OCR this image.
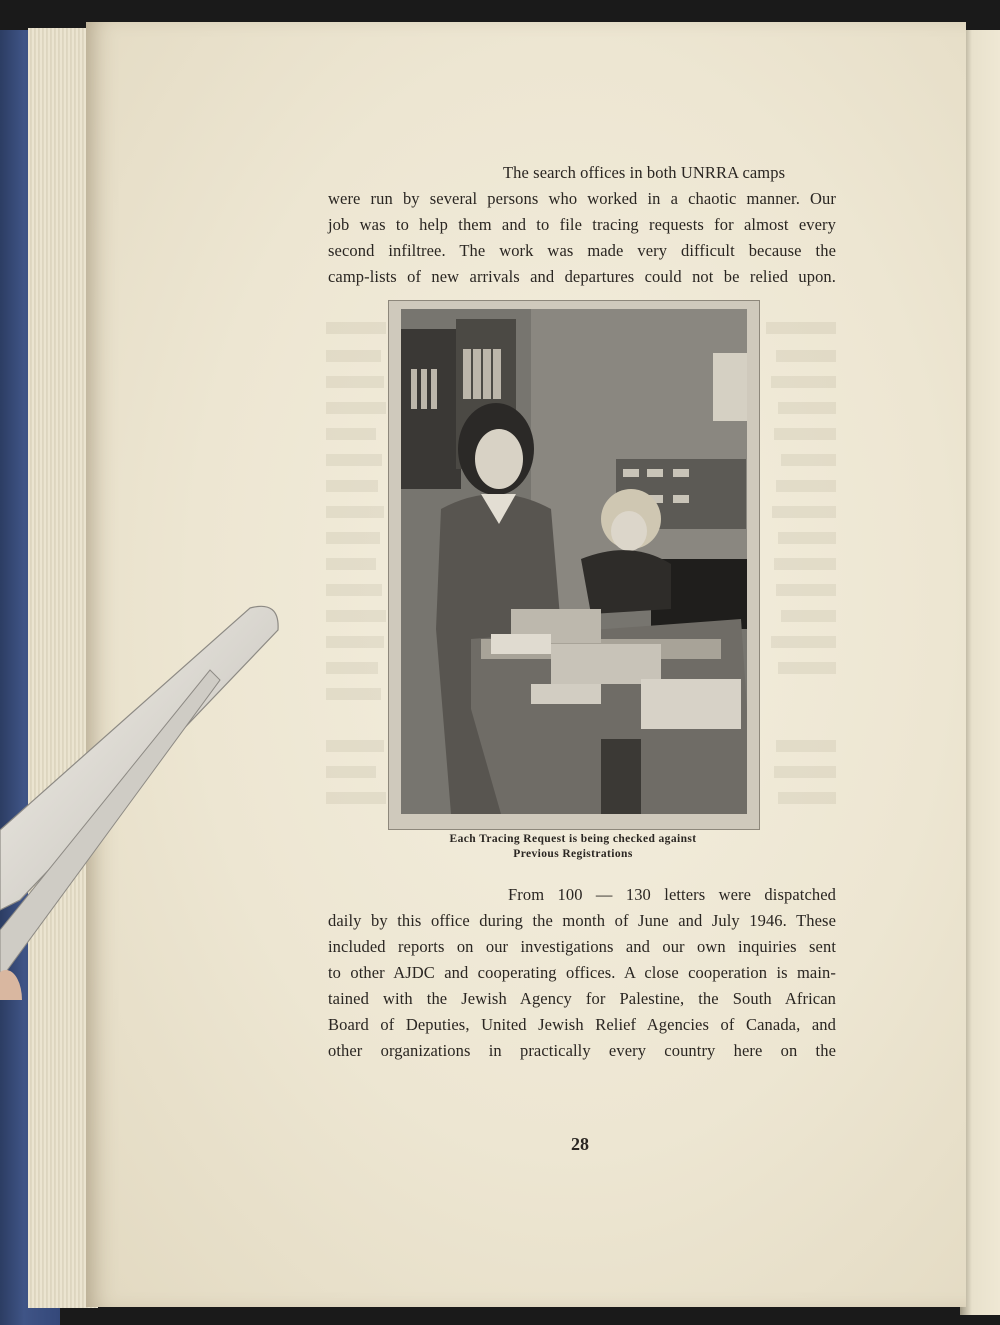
The search offices in both UNRRA camps
were run by several persons who worked in a chaotic manner. Our
job was to help them and to file tracing requests for almost every
second infiltree. The work was made very difficult because the
camp-lists of new arrivals and departures could not be relied upon.
Each Tracing Request is being checked against
Previous Registrations
From 100 — 130 letters were dispatched
daily by this office during the month of June and July 1946. These
included reports on our investigations and our own inquiries sent
to other AJDC and cooperating offices. A close cooperation is main-
tained with the Jewish Agency for Palestine, the South African
Board of Deputies, United Jewish Relief Agencies of Canada, and
other organizations in practically every country here on the
28
